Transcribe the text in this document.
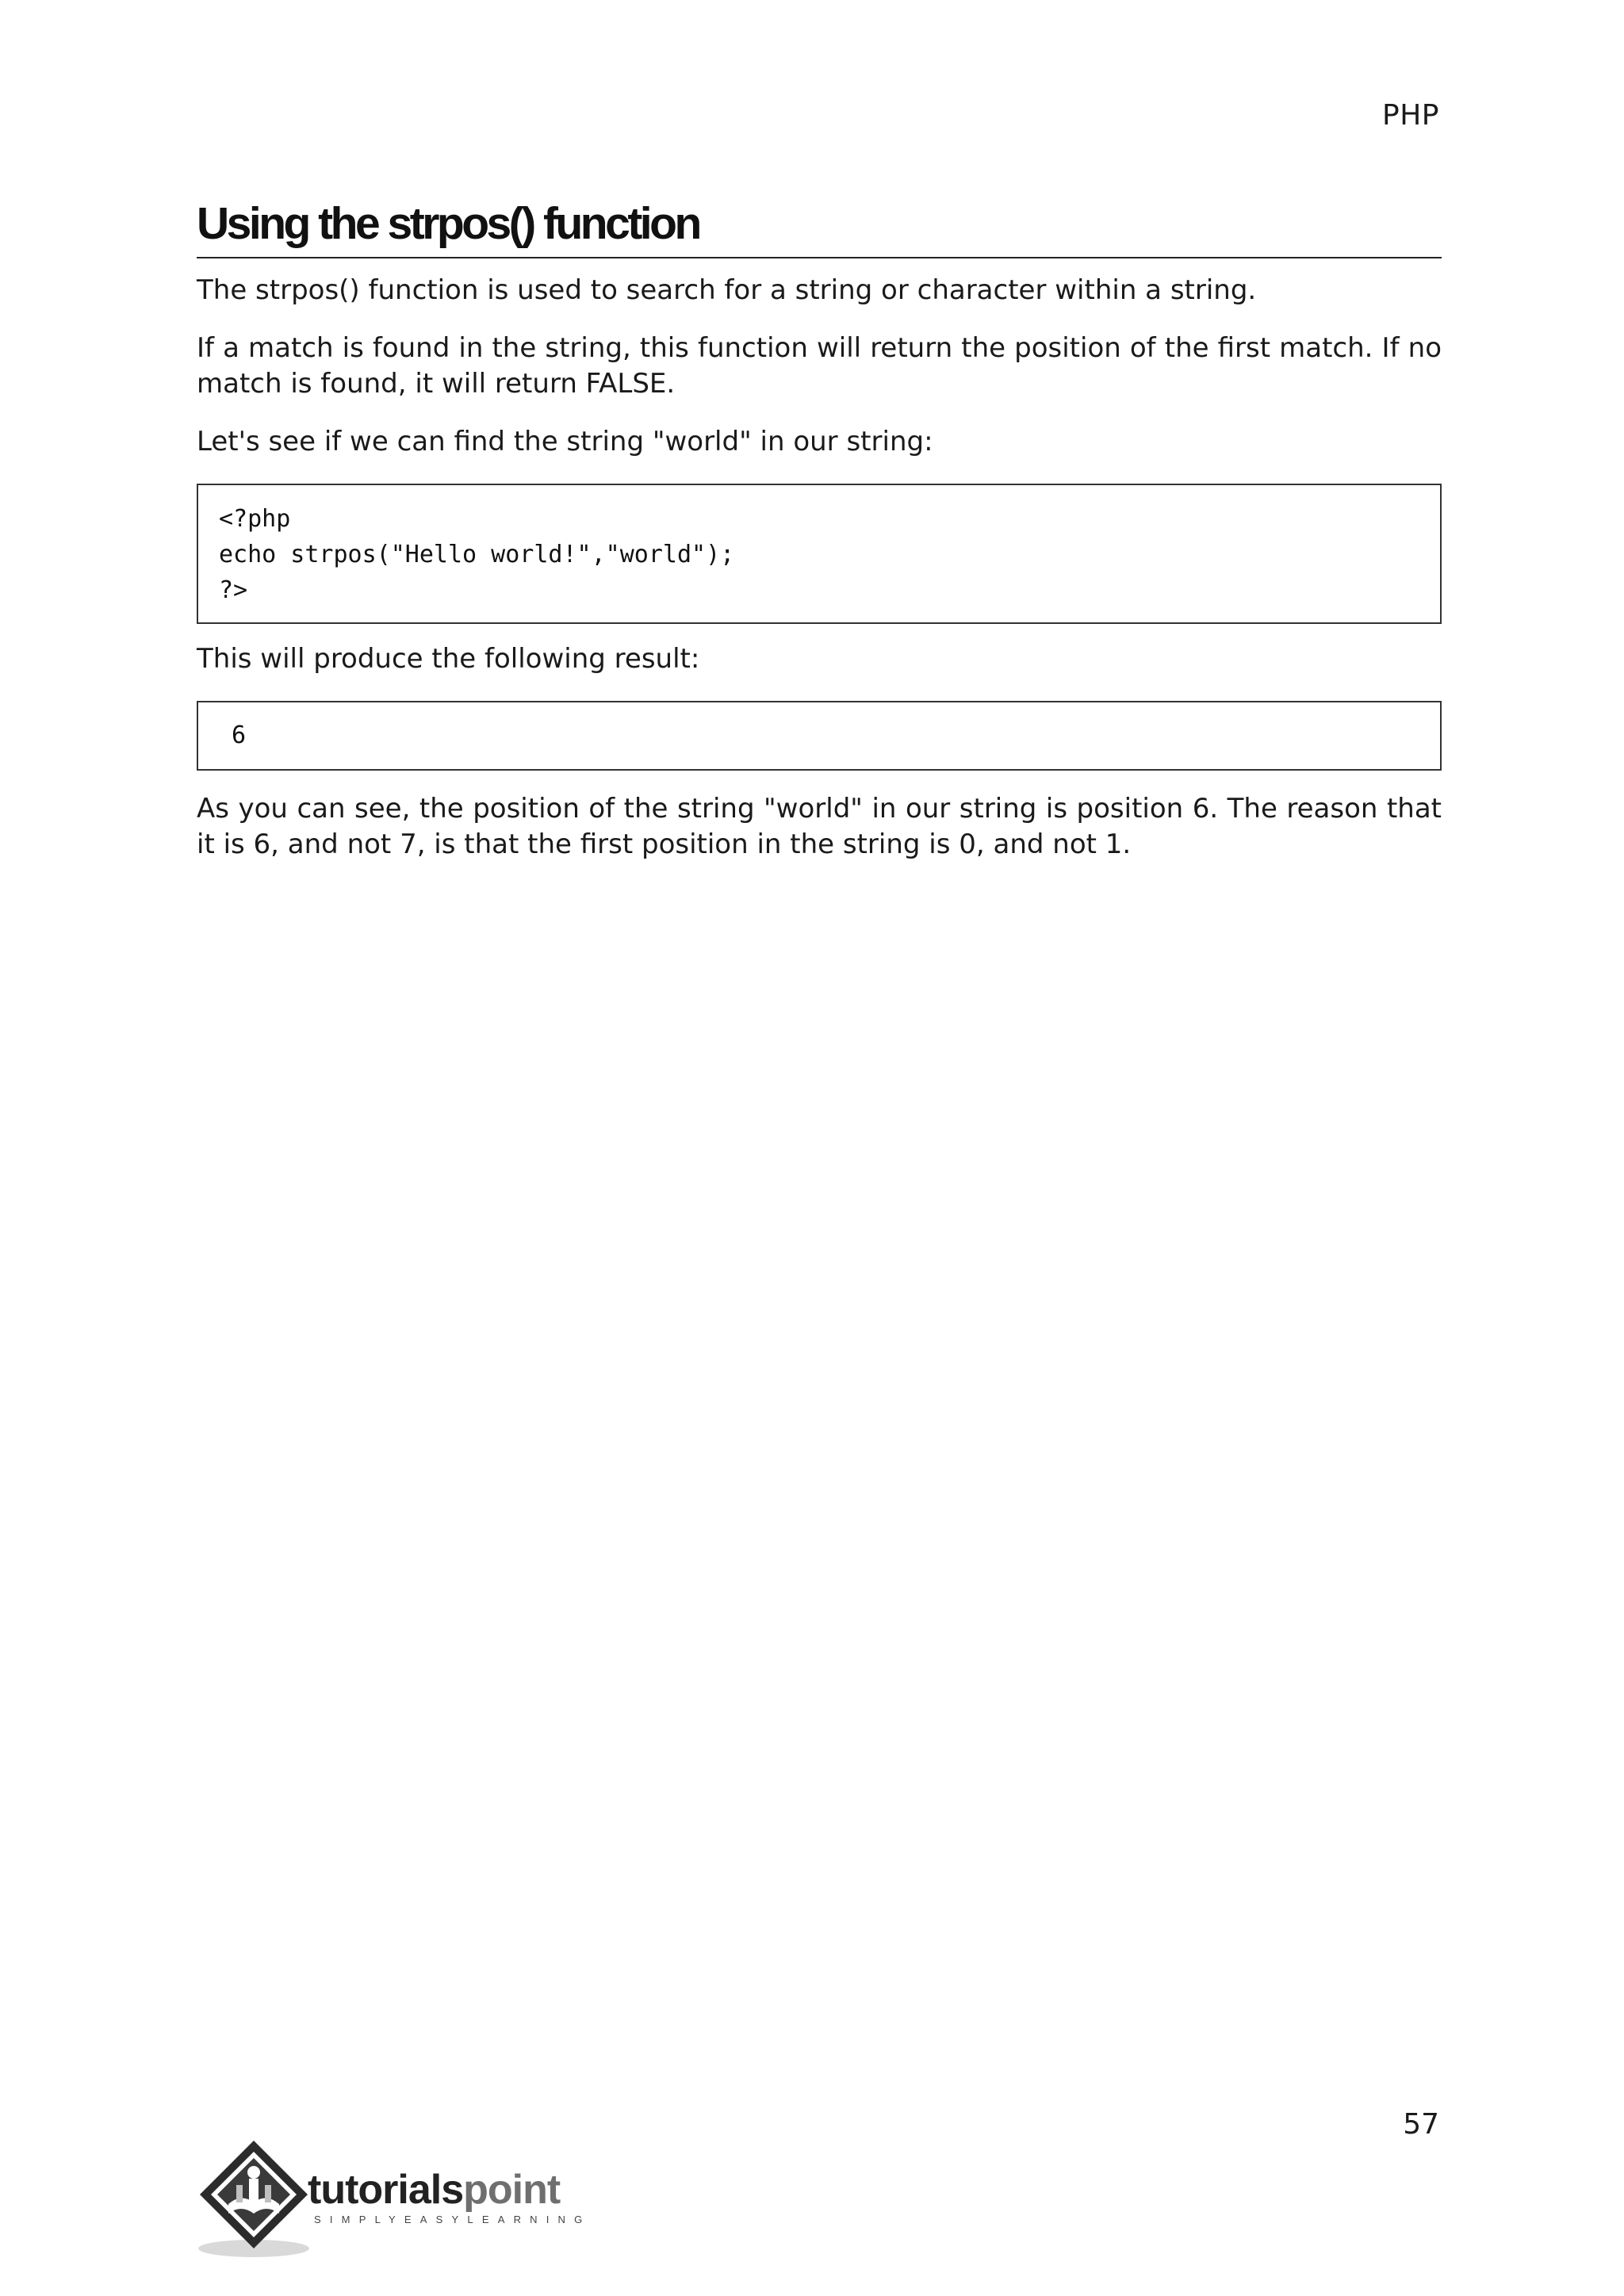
PHP
Using the strpos() function

The strpos() function is used to search for a string or character within a string.

If a match is found in the string, this function will return the position of the first match. If no match is found, it will return FALSE.

Let's see if we can find the string "world" in our string:

<?php
echo strpos("Hello world!","world");
?>

This will produce the following result:

6

As you can see, the position of the string "world" in our string is position 6. The reason that it is 6, and not 7, is that the first position in the string is 0, and not 1.

57
tutorialspoint
SIMPLYEASYLEARNING
